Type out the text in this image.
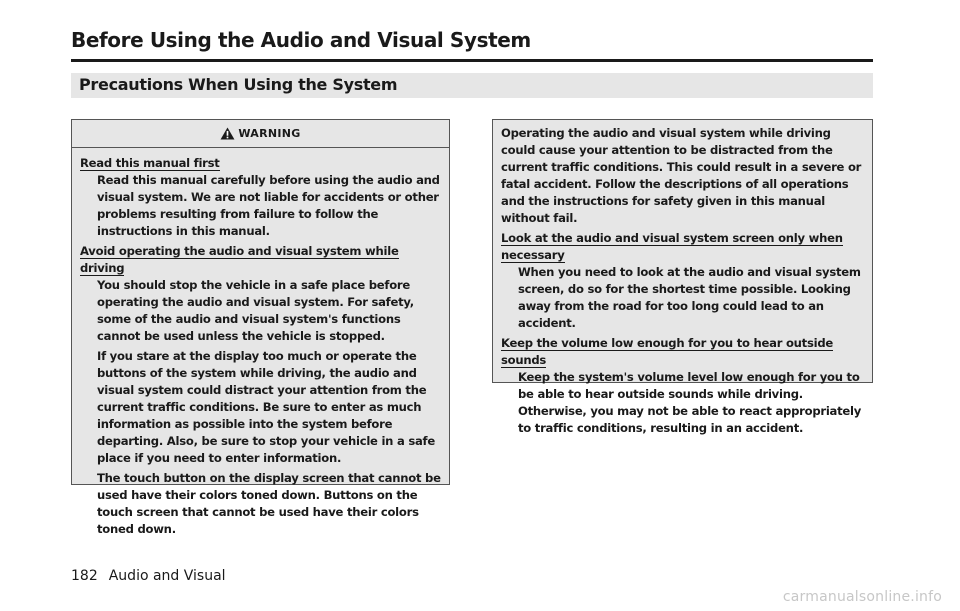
Before Using the Audio and Visual System
Precautions When Using the System
WARNING

Read this manual first

Read this manual carefully before using the audio and visual system. We are not liable for accidents or other problems resulting from failure to follow the instructions in this manual.

Avoid operating the audio and visual system while driving

You should stop the vehicle in a safe place before operating the audio and visual system. For safety, some of the audio and visual system's functions cannot be used unless the vehicle is stopped.

If you stare at the display too much or operate the buttons of the system while driving, the audio and visual system could distract your attention from the current traffic conditions. Be sure to enter as much information as possible into the system before departing. Also, be sure to stop your vehicle in a safe place if you need to enter information.

The touch button on the display screen that cannot be used have their colors toned down. Buttons on the touch screen that cannot be used have their colors toned down.

Operating the audio and visual system while driving could cause your attention to be distracted from the current traffic conditions. This could result in a severe or fatal accident. Follow the descriptions of all operations and the instructions for safety given in this manual without fail.

Look at the audio and visual system screen only when necessary

When you need to look at the audio and visual system screen, do so for the shortest time possible. Looking away from the road for too long could lead to an accident.

Keep the volume low enough for you to hear outside sounds

Keep the system's volume level low enough for you to be able to hear outside sounds while driving. Otherwise, you may not be able to react appropriately to traffic conditions, resulting in an accident.

182 Audio and Visual
carmanualsonline.info
